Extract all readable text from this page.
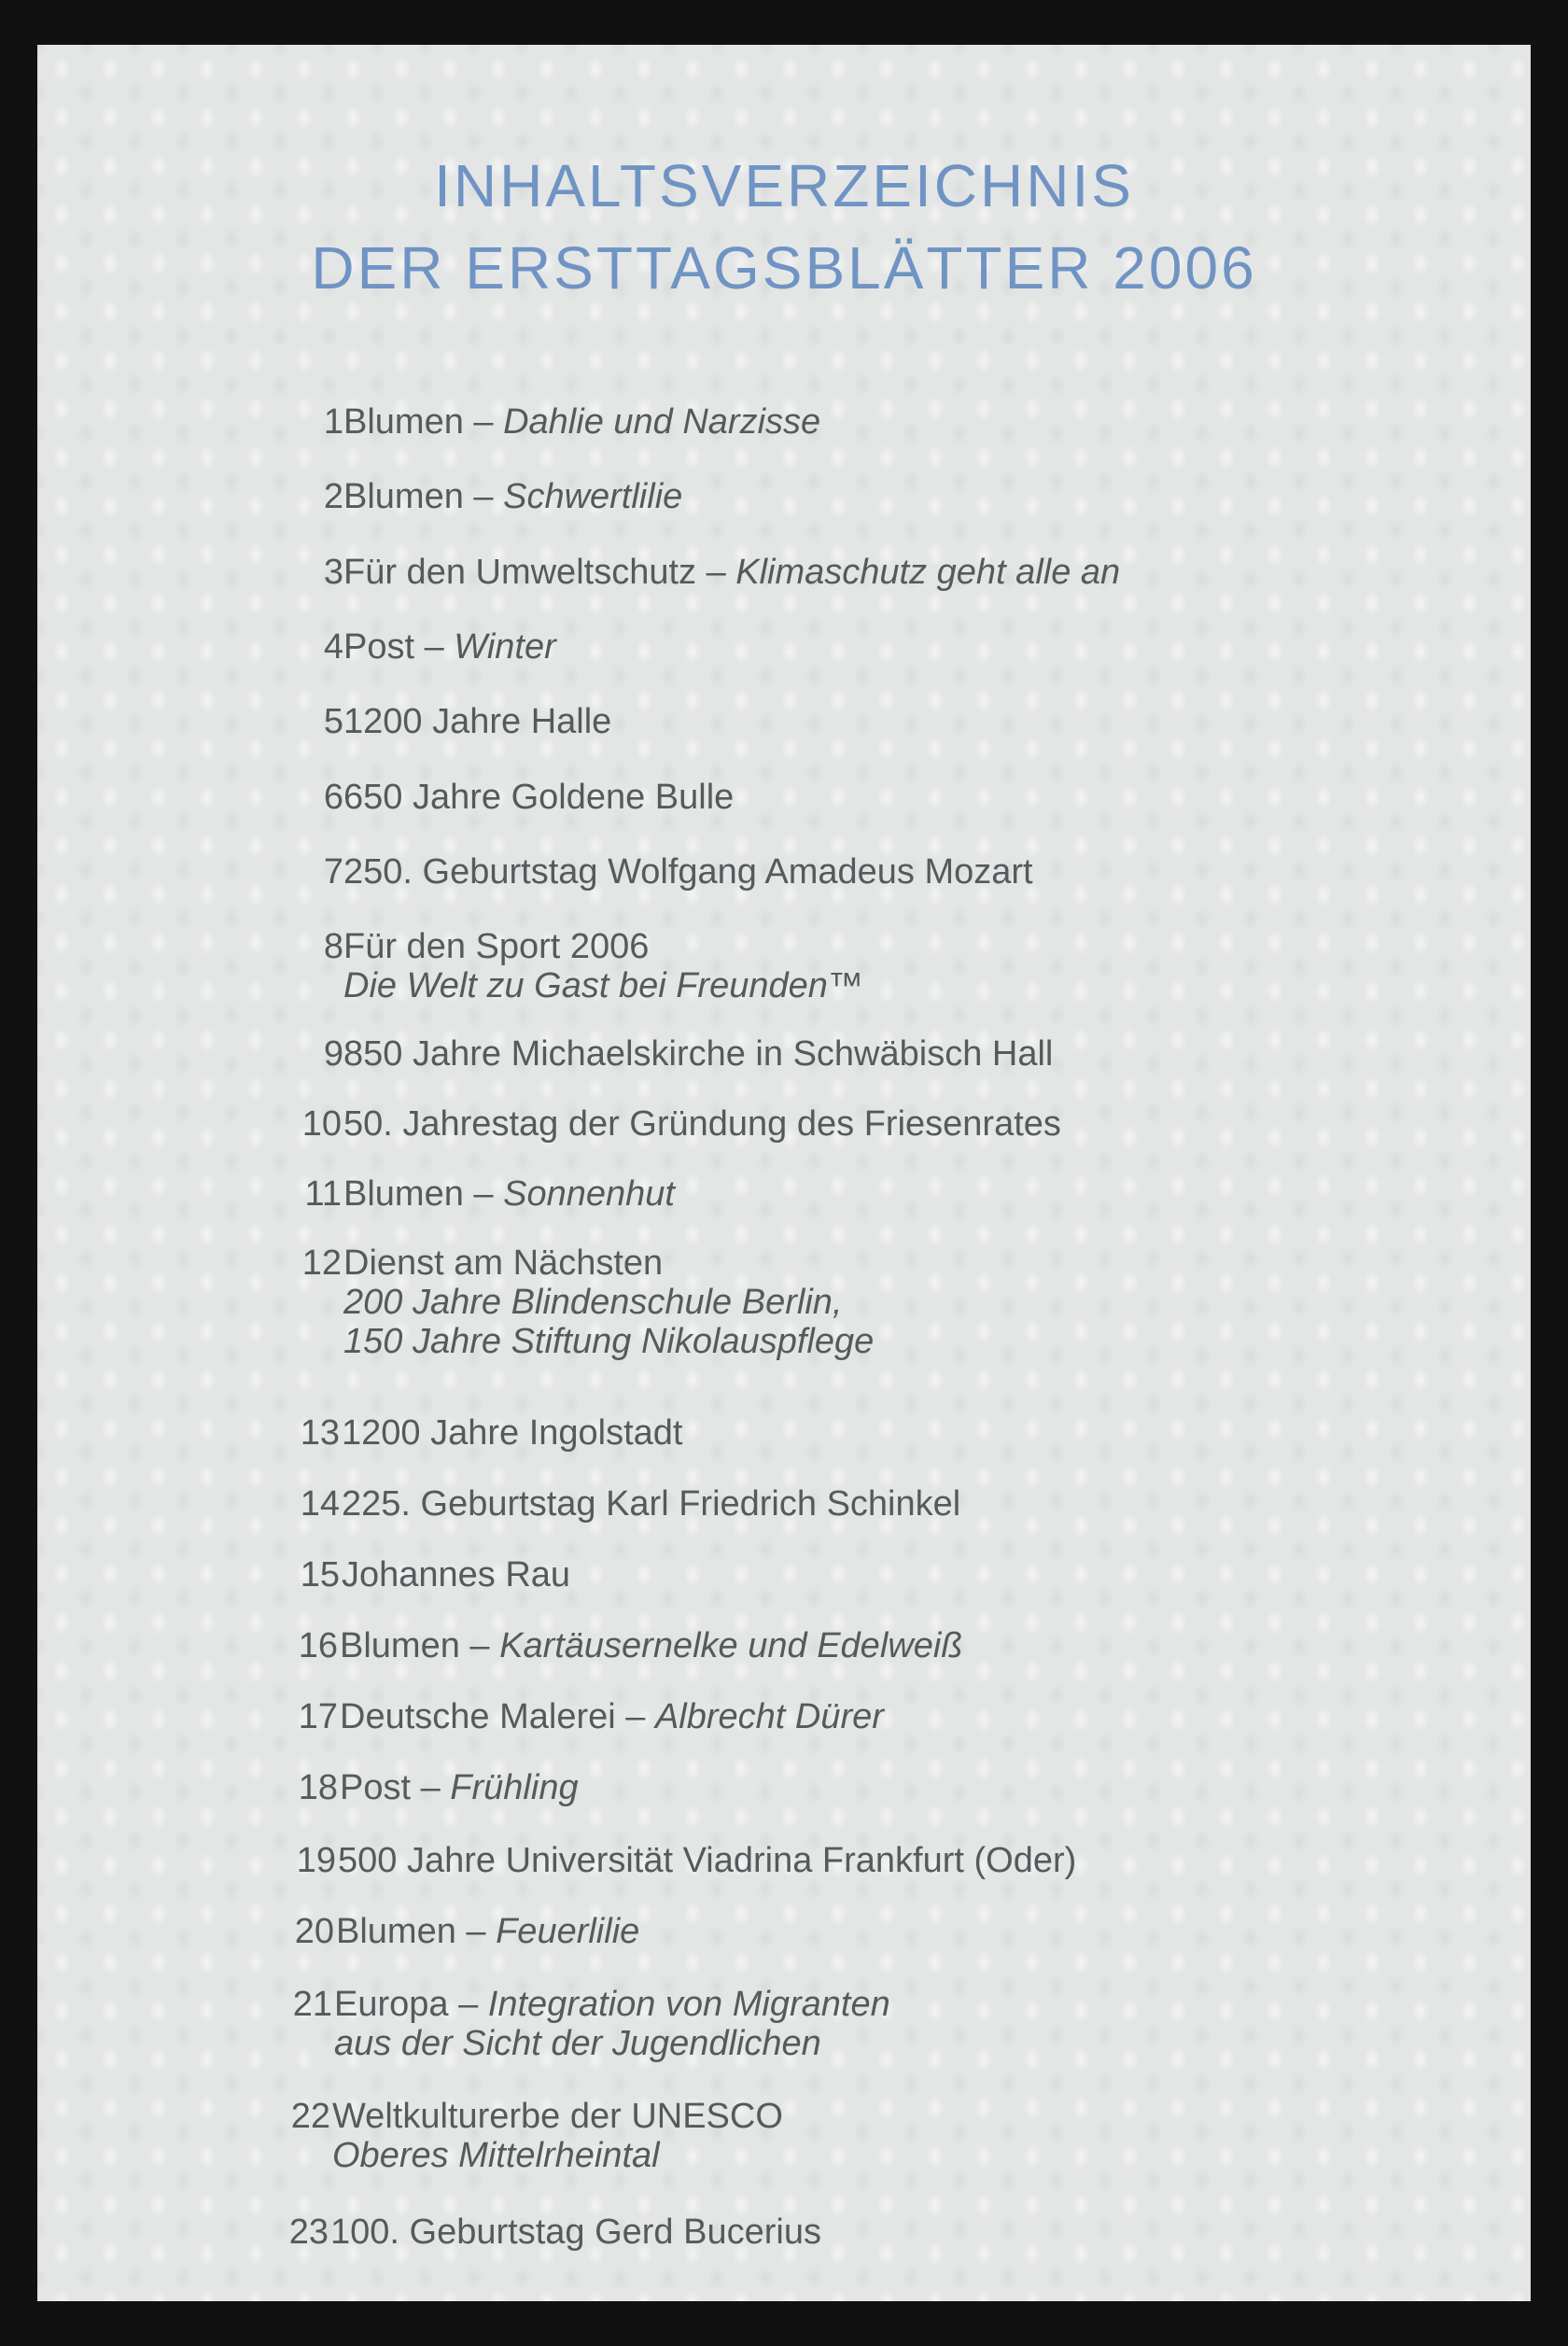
INHALTSVERZEICHNIS
DER ERSTTAGSBLÄTTER 2006
1 Blumen – Dahlie und Narzisse
2 Blumen – Schwertlilie
3 Für den Umweltschutz – Klimaschutz geht alle an
4 Post – Winter
5 1200 Jahre Halle
6 650 Jahre Goldene Bulle
7 250. Geburtstag Wolfgang Amadeus Mozart
8 Für den Sport 2006
Die Welt zu Gast bei Freunden™
9 850 Jahre Michaelskirche in Schwäbisch Hall
10 50. Jahrestag der Gründung des Friesenrates
11 Blumen – Sonnenhut
12 Dienst am Nächsten
200 Jahre Blindenschule Berlin,
150 Jahre Stiftung Nikolauspflege
13 1200 Jahre Ingolstadt
14 225. Geburtstag Karl Friedrich Schinkel
15 Johannes Rau
16 Blumen – Kartäusernelke und Edelweiß
17 Deutsche Malerei – Albrecht Dürer
18 Post – Frühling
19 500 Jahre Universität Viadrina Frankfurt (Oder)
20 Blumen – Feuerlilie
21 Europa – Integration von Migranten
aus der Sicht der Jugendlichen
22 Weltkulturerbe der UNESCO
Oberes Mittelrheintal
23 100. Geburtstag Gerd Bucerius
